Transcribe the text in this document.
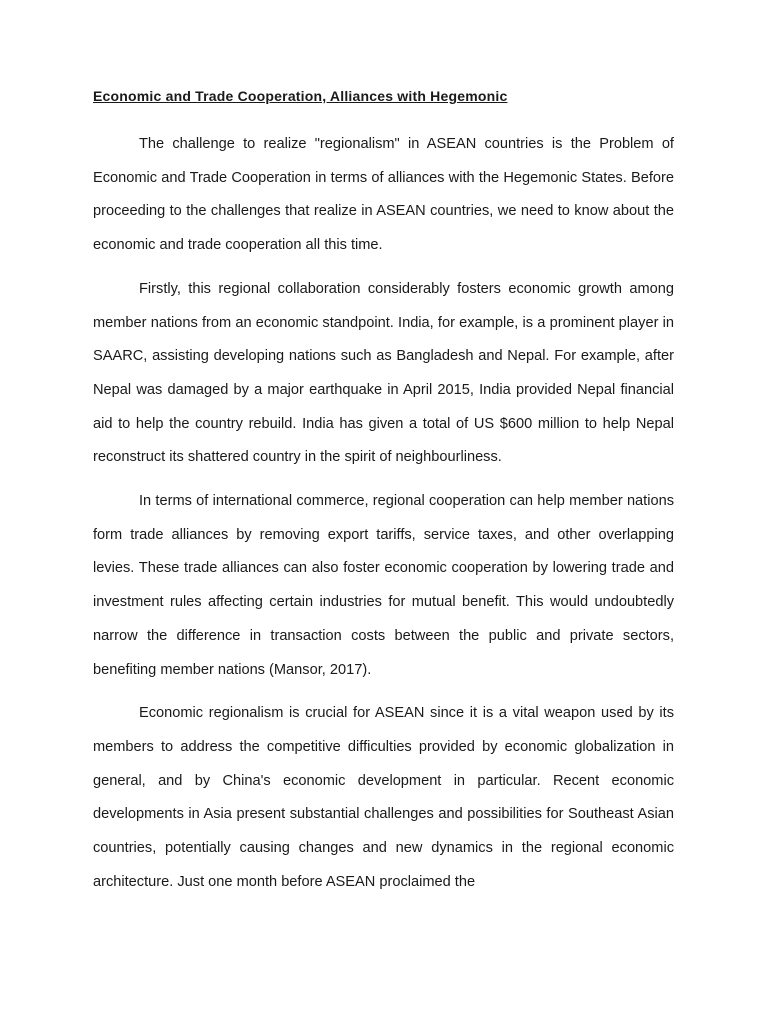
Economic and Trade Cooperation, Alliances with Hegemonic

The challenge to realize "regionalism" in ASEAN countries is the Problem of Economic and Trade Cooperation in terms of alliances with the Hegemonic States. Before proceeding to the challenges that realize in ASEAN countries, we need to know about the economic and trade cooperation all this time.

Firstly, this regional collaboration considerably fosters economic growth among member nations from an economic standpoint. India, for example, is a prominent player in SAARC, assisting developing nations such as Bangladesh and Nepal. For example, after Nepal was damaged by a major earthquake in April 2015, India provided Nepal financial aid to help the country rebuild. India has given a total of US $600 million to help Nepal reconstruct its shattered country in the spirit of neighbourliness.

In terms of international commerce, regional cooperation can help member nations form trade alliances by removing export tariffs, service taxes, and other overlapping levies. These trade alliances can also foster economic cooperation by lowering trade and investment rules affecting certain industries for mutual benefit. This would undoubtedly narrow the difference in transaction costs between the public and private sectors, benefiting member nations (Mansor, 2017).

Economic regionalism is crucial for ASEAN since it is a vital weapon used by its members to address the competitive difficulties provided by economic globalization in general, and by China's economic development in particular. Recent economic developments in Asia present substantial challenges and possibilities for Southeast Asian countries, potentially causing changes and new dynamics in the regional economic architecture. Just one month before ASEAN proclaimed the
